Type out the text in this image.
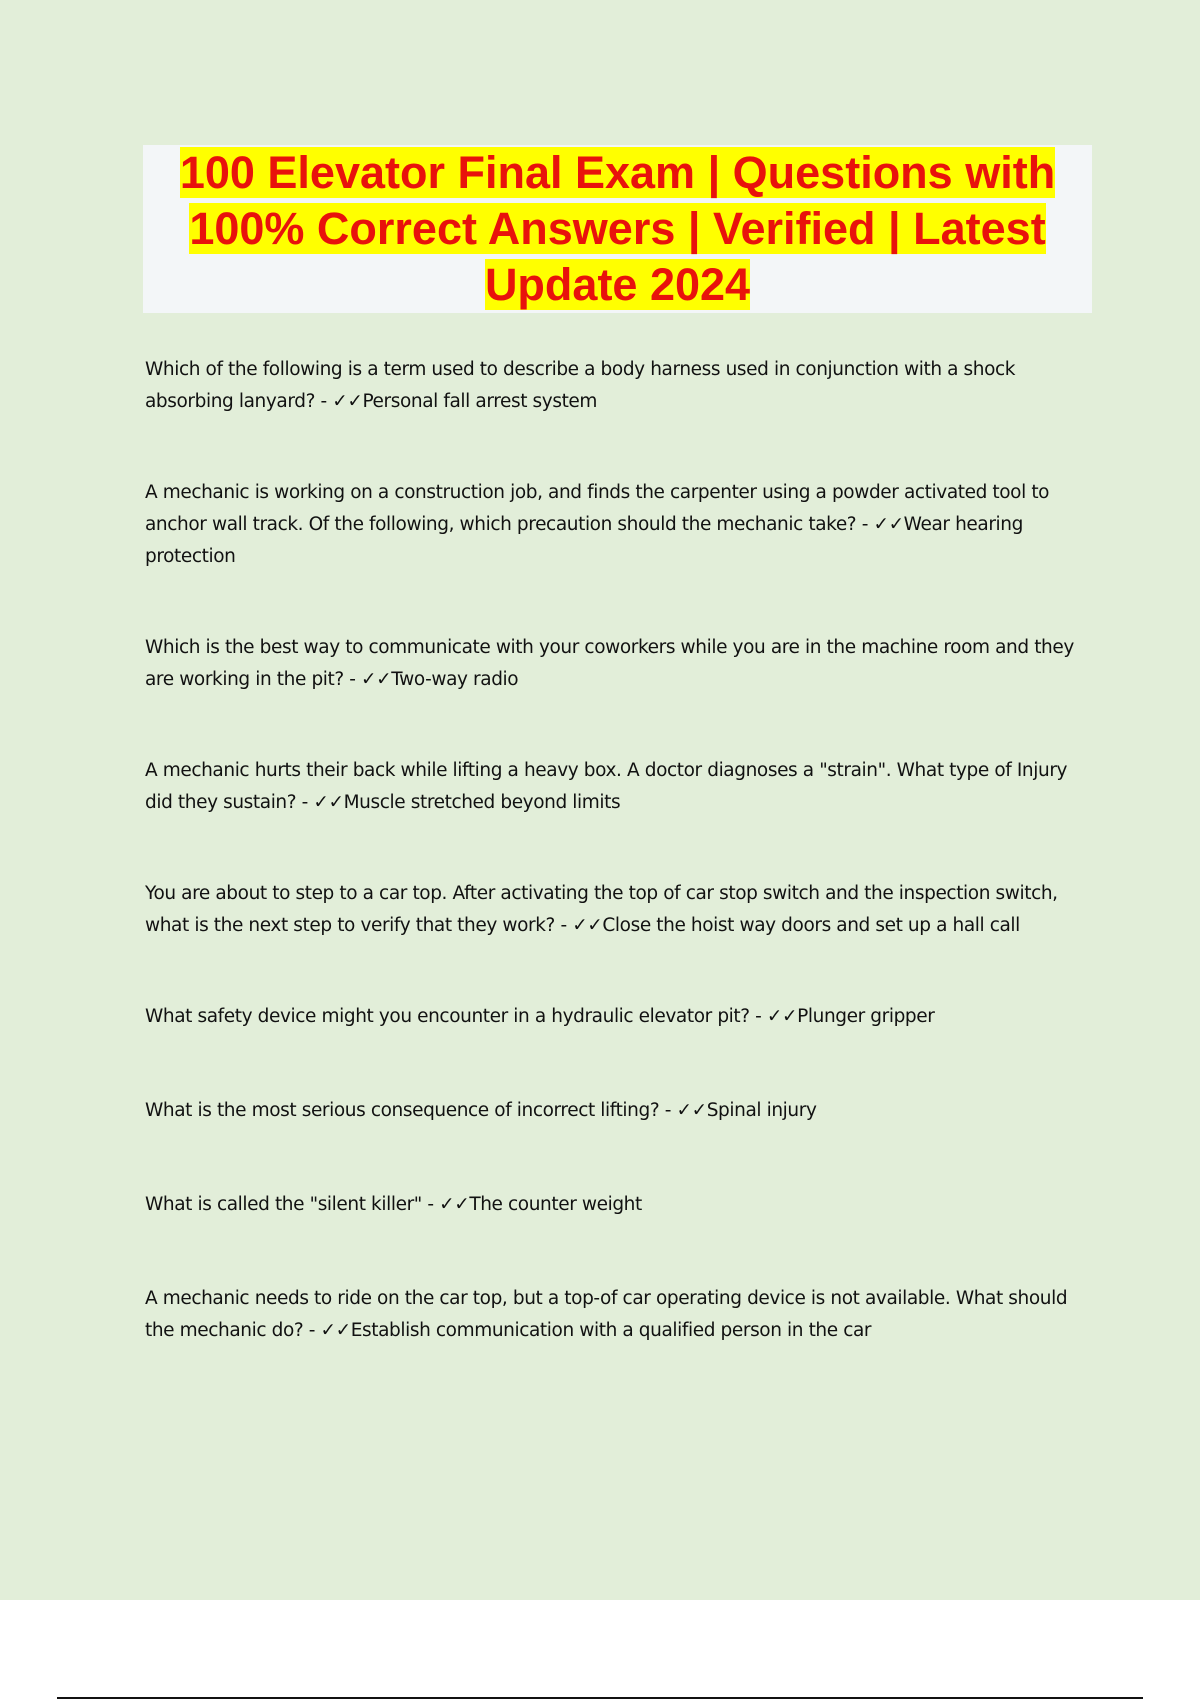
100 Elevator Final Exam | Questions with
100% Correct Answers | Verified | Latest
Update 2024

Which of the following is a term used to describe a body harness used in conjunction with a shock absorbing lanyard? - ✓✓Personal fall arrest system

A mechanic is working on a construction job, and finds the carpenter using a powder activated tool to anchor wall track. Of the following, which precaution should the mechanic take? - ✓✓Wear hearing protection

Which is the best way to communicate with your coworkers while you are in the machine room and they are working in the pit? - ✓✓Two-way radio

A mechanic hurts their back while lifting a heavy box. A doctor diagnoses a "strain". What type of Injury did they sustain? - ✓✓Muscle stretched beyond limits

You are about to step to a car top. After activating the top of car stop switch and the inspection switch, what is the next step to verify that they work? - ✓✓Close the hoist way doors and set up a hall call

What safety device might you encounter in a hydraulic elevator pit? - ✓✓Plunger gripper

What is the most serious consequence of incorrect lifting? - ✓✓Spinal injury

What is called the "silent killer" - ✓✓The counter weight

A mechanic needs to ride on the car top, but a top-of car operating device is not available. What should the mechanic do? - ✓✓Establish communication with a qualified person in the car
